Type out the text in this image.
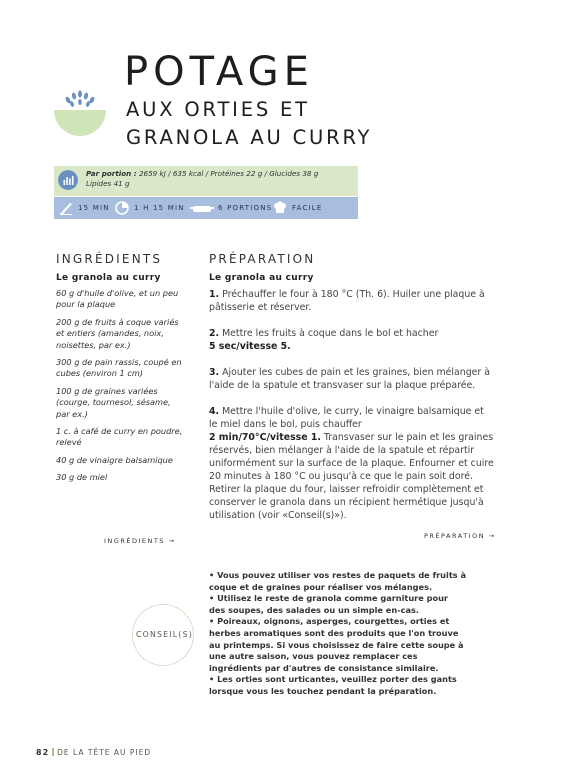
POTAGE
AUX ORTIES ET
GRANOLA AU CURRY
Par portion : 2659 kJ / 635 kcal / Protéines 22 g / Glucides 38 g
Lipides 41 g
15 MIN	1 H 15 MIN	6 PORTIONS	FACILE
INGRÉDIENTS
Le granola au curry
60 g d'huile d'olive, et un peu pour la plaque
200 g de fruits à coque variés et entiers (amandes, noix, noisettes, par ex.)
300 g de pain rassis, coupé en cubes (environ 1 cm)
100 g de graines variées (courge, tournesol, sésame, par ex.)
1 c. à café de curry en poudre, relevé
40 g de vinaigre balsamique
30 g de miel
INGRÉDIENTS →
PRÉPARATION
Le granola au curry
1. Préchauffer le four à 180 °C (Th. 6). Huiler une plaque à pâtisserie et réserver.
2. Mettre les fruits à coque dans le bol et hacher
5 sec/vitesse 5.
3. Ajouter les cubes de pain et les graines, bien mélanger à l'aide de la spatule et transvaser sur la plaque préparée.
4. Mettre l'huile d'olive, le curry, le vinaigre balsamique et le miel dans le bol, puis chauffer
2 min/70°C/vitesse 1. Transvaser sur le pain et les graines réservés, bien mélanger à l'aide de la spatule et répartir uniformément sur la surface de la plaque. Enfourner et cuire 20 minutes à 180 °C ou jusqu'à ce que le pain soit doré. Retirer la plaque du four, laisser refroidir complètement et conserver le granola dans un récipient hermétique jusqu'à utilisation (voir «Conseil(s)»).
PRÉPARATION →
CONSEIL(S)
• Vous pouvez utiliser vos restes de paquets de fruits à coque et de graines pour réaliser vos mélanges.
• Utilisez le reste de granola comme garniture pour des soupes, des salades ou un simple en-cas.
• Poireaux, oignons, asperges, courgettes, orties et herbes aromatiques sont des produits que l'on trouve au printemps. Si vous choisissez de faire cette soupe à une autre saison, vous pouvez remplacer ces ingrédients par d'autres de consistance similaire.
• Les orties sont urticantes, veuillez porter des gants lorsque vous les touchez pendant la préparation.
82 DE LA TÊTE AU PIED
